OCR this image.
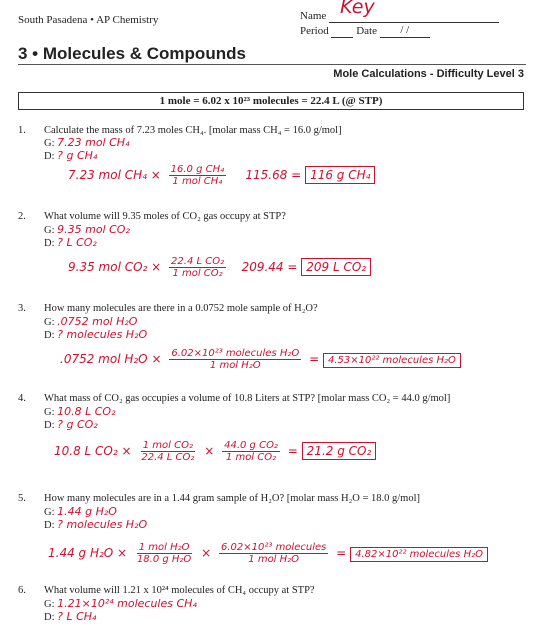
South Pasadena • AP Chemistry	Name Key
Period	Date / /
3 • Molecules & Compounds
Mole Calculations - Difficulty Level 3
1 mole = 6.02 x 10²³ molecules = 22.4 L (@ STP)
1. Calculate the mass of 7.23 moles CH₄. [molar mass CH₄ = 16.0 g/mol]
G: 7.23 mol CH₄
D: ? g CH₄
7.23 mol $CH_4 \times \frac{\text{16.0 g CH₄}}{\text{1 mol CH₄}} 115.68 = 116$ g CH₄
2. What volume will 9.35 moles of CO₂ gas occupy at STP?
G: 9.35 mol CO₂
D: ? L CO₂
9.35 mol $CO_2 \times \frac{\text{22.4 L CO₂}}{\text{1 mol CO₂}} 209.44 = 209$ L CO₂
3. How many molecules are there in a 0.0752 mole sample of H₂O?
G: .0752 mol H₂O
D: ? molecules H₂O
.0752 mol $H_2O \times \frac{\text{6.02×10²³ molecules H₂O}}{\text{1 mol H₂O}} = 4.53\times 10^{22}$ molecules H₂O
4. What mass of CO₂ gas occupies a volume of 10.8 Liters at STP? [molar mass CO₂ = 44.0 g/mol]
G: 10.8 L CO₂
D: ? g CO₂
10.8 L $CO_2 \times \frac{\text{1 mol CO₂}}{\text{22.4 L CO₂}} \times \frac{\text{44.0 g CO₂}}{\text{1 mol CO₂}} = 21.2$ g CO₂
5. How many molecules are in a 1.44 gram sample of H₂O? [molar mass H₂O = 18.0 g/mol]
G: 1.44 g H₂O
D: ? molecules H₂O
1.44 g $H_2O \times \frac{\text{1 mol H₂O}}{\text{18.0 g H₂O}} \times \frac{\text{6.02×10²³ molecules}}{\text{1 mol H₂O}} = 4.82\times 10^{22}$ molecules H₂O
6. What volume will 1.21 x 10²⁴ molecules of CH₄ occupy at STP?
G: 1.21×10²⁴ molecules CH₄
D: ? L CH₄
